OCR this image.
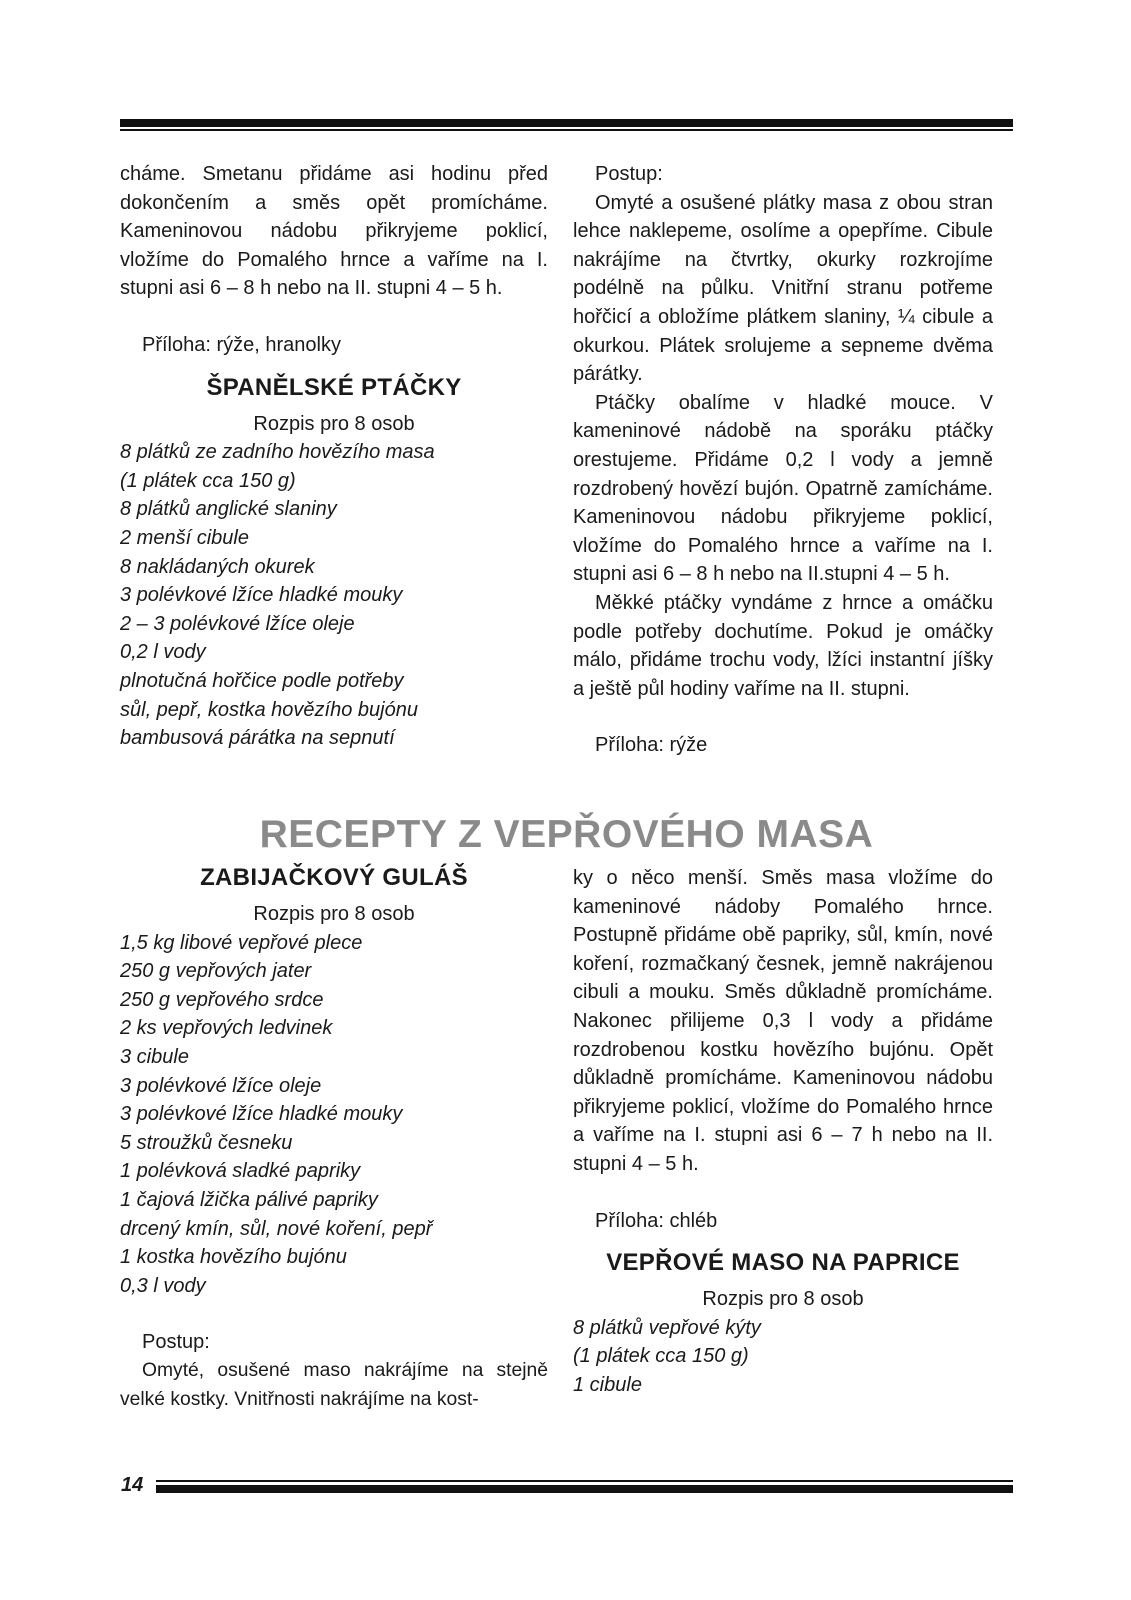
cháme. Smetanu přidáme asi hodinu před

dokončením a směs opět promícháme.

Kameninovou nádobu přikryjeme poklicí,

vložíme do Pomalého hrnce a vaříme na I.

stupni asi 6 – 8 h nebo na II. stupni 4 – 5 h.

Příloha: rýže, hranolky

ŠPANĚLSKÉ PTÁČKY

Rozpis pro 8 osob

8 plátků ze zadního hovězího masa

(1 plátek cca 150 g)

8 plátků anglické slaniny

2 menší cibule

8 nakládaných okurek

3 polévkové lžíce hladké mouky

2 – 3 polévkové lžíce oleje

0,2 l vody

plnotučná hořčice podle potřeby

sůl, pepř, kostka hovězího bujónu

bambusová párátka na sepnutí

Postup:

Omyté a osušené plátky masa z obou stran lehce naklepeme, osolíme a opepříme. Cibule nakrájíme na čtvrtky, okurky rozkrojíme podélně na půlku. Vnitřní stranu potřeme hořčicí a obložíme plátkem slaniny, ¼ cibule a okurkou. Plátek srolujeme a sepneme dvěma párátky.

Ptáčky obalíme v hladké mouce. V kameninové nádobě na sporáku ptáčky orestujeme. Přidáme 0,2 l vody a jemně rozdrobený hovězí bujón. Opatrně zamícháme. Kameninovou nádobu přikryjeme poklicí, vložíme do Pomalého hrnce a vaříme na I. stupni asi 6 – 8 h nebo na II.stupni 4 – 5 h.

Měkké ptáčky vyndáme z hrnce a omáčku podle potřeby dochutíme. Pokud je omáčky málo, přidáme trochu vody, lžíci instantní jíšky a ještě půl hodiny vaříme na II. stupni.

Příloha: rýže

RECEPTY Z VEPŘOVÉHO MASA

ZABIJAČKOVÝ GULÁŠ

Rozpis pro 8 osob

1,5 kg libové vepřové plece

250 g vepřových jater

250 g vepřového srdce

2 ks vepřových ledvinek

3 cibule

3 polévkové lžíce oleje

3 polévkové lžíce hladké mouky

5 stroužků česneku

1 polévková sladké papriky

1 čajová lžička pálivé papriky

drcený kmín, sůl, nové koření, pepř

1 kostka hovězího bujónu

0,3 l vody

Postup:

Omyté, osušené maso nakrájíme na stejně velké kostky. Vnitřnosti nakrájíme na kost-

ky o něco menší. Směs masa vložíme do kameninové nádoby Pomalého hrnce. Postupně přidáme obě papriky, sůl, kmín, nové koření, rozmačkaný česnek, jemně nakrájenou cibuli a mouku. Směs důkladně promícháme. Nakonec přilijeme 0,3 l vody a přidáme rozdrobenou kostku hovězího bujónu. Opět důkladně promícháme. Kameninovou nádobu přikryjeme poklicí, vložíme do Pomalého hrnce a vaříme na I. stupni asi 6 – 7 h nebo na II. stupni 4 – 5 h.

Příloha: chléb

VEPŘOVÉ MASO NA PAPRICE

Rozpis pro 8 osob

8 plátků vepřové kýty

(1 plátek cca 150 g)

1 cibule

14
